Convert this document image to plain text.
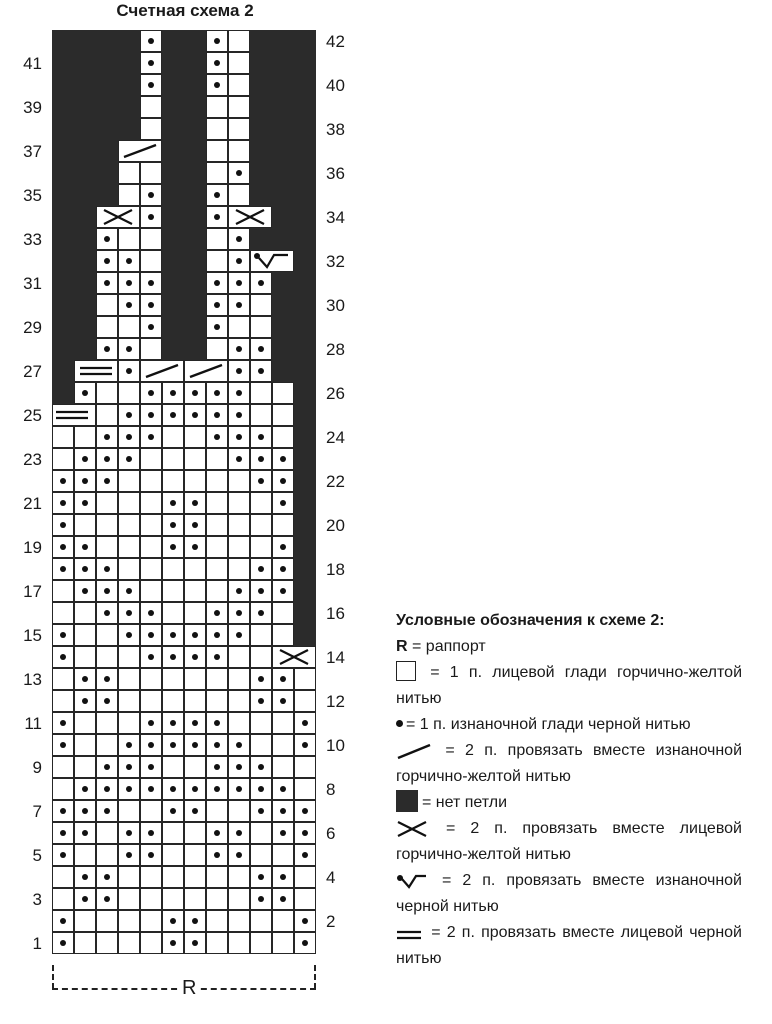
Счетная схема 2
41
39
37
35
33
31
29
27
25
23
21
19
17
15
13
11
9
7
5
3
1
42
40
38
36
34
32
30
28
26
24
22
20
18
16
14
12
10
8
6
4
2
R
Условные обозначения к схеме 2:
R = раппорт
= 1 п. лицевой глади горчично-желтой нитью
= 1 п. изнаночной глади черной нитью
= 2 п. провязать вместе изнаночной горчично-желтой нитью
= нет петли
= 2 п. провязать вместе лицевой горчично-желтой нитью
= 2 п. провязать вместе изнаночной черной нитью
= 2 п. провязать вместе лицевой черной нитью
